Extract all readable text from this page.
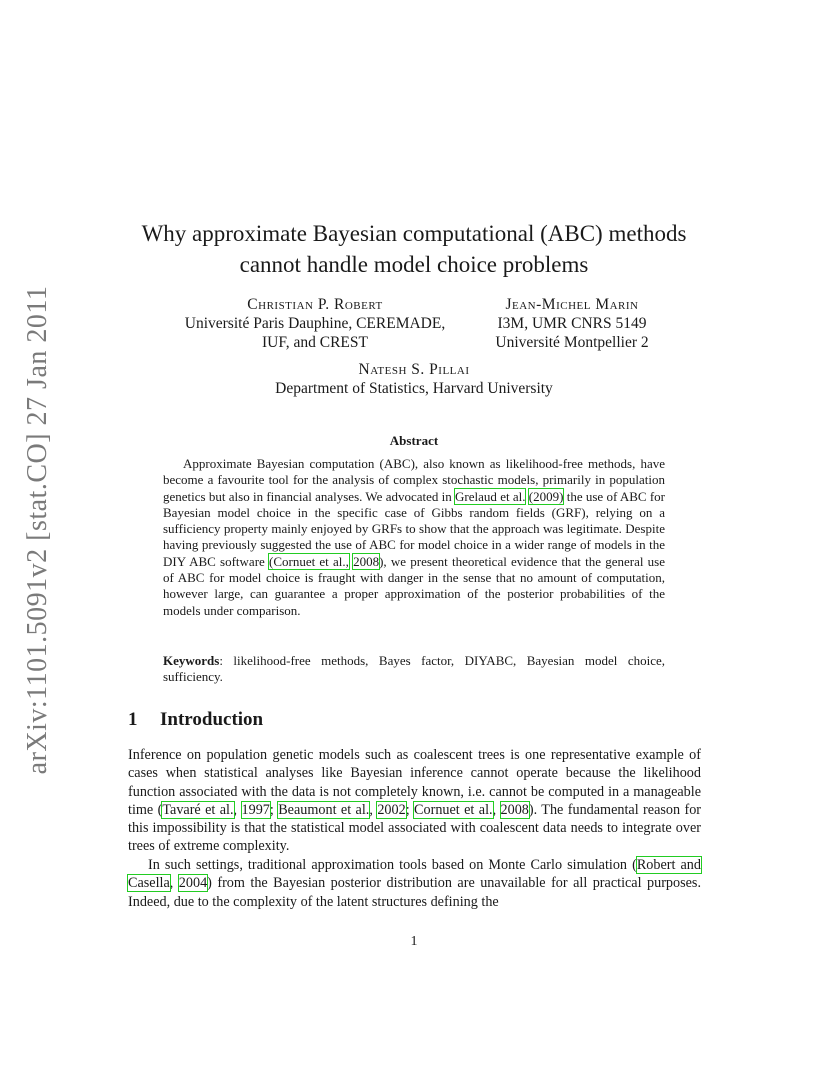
arXiv:1101.5091v2 [stat.CO] 27 Jan 2011
Why approximate Bayesian computational (ABC) methods
cannot handle model choice problems
Christian P. Robert
Université Paris Dauphine, CEREMADE,
IUF, and CREST
Jean-Michel Marin
I3M, UMR CNRS 5149
Université Montpellier 2
Natesh S. Pillai
Department of Statistics, Harvard University
Abstract
Approximate Bayesian computation (ABC), also known as likelihood-free methods, have become a favourite tool for the analysis of complex stochastic models, primarily in population genetics but also in financial analyses. We advocated in Grelaud et al. (2009) the use of ABC for Bayesian model choice in the specific case of Gibbs random fields (GRF), relying on a sufficiency property mainly enjoyed by GRFs to show that the approach was legitimate. Despite having previously suggested the use of ABC for model choice in a wider range of models in the DIY ABC software (Cornuet et al., 2008), we present theoretical evidence that the general use of ABC for model choice is fraught with danger in the sense that no amount of computation, however large, can guarantee a proper approximation of the posterior probabilities of the models under comparison.
Keywords: likelihood-free methods, Bayes factor, DIYABC, Bayesian model choice, sufficiency.
1 Introduction
Inference on population genetic models such as coalescent trees is one representative example of cases when statistical analyses like Bayesian inference cannot operate because the likelihood function associated with the data is not completely known, i.e. cannot be computed in a manageable time (Tavaré et al., 1997; Beaumont et al., 2002; Cornuet et al., 2008). The fundamental reason for this impossibility is that the statistical model associated with coalescent data needs to integrate over trees of extreme complexity.
In such settings, traditional approximation tools based on Monte Carlo simulation (Robert and Casella, 2004) from the Bayesian posterior distribution are unavailable for all practical purposes. Indeed, due to the complexity of the latent structures defining the
1
